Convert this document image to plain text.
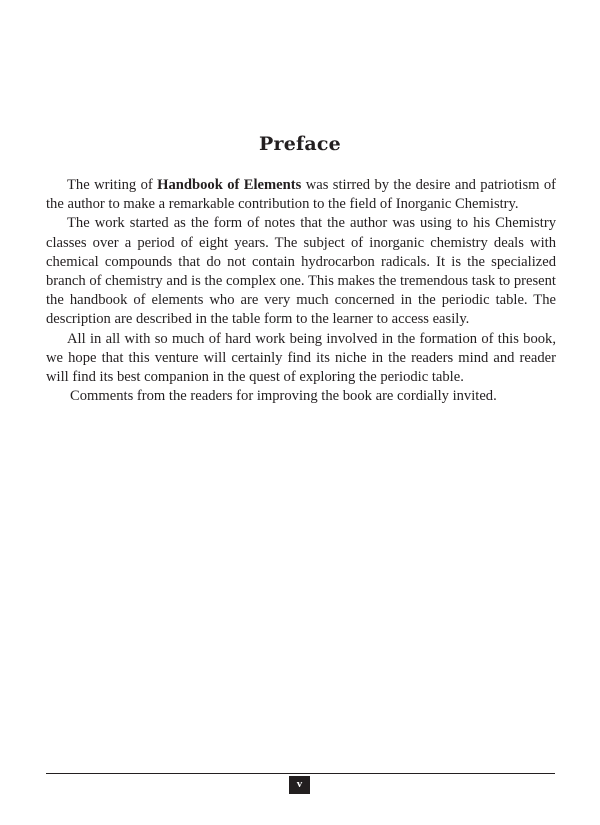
Preface

The writing of Handbook of Elements was stirred by the desire and patriotism of the author to make a remarkable contribution to the field of Inorganic Chemistry.

The work started as the form of notes that the author was using to his Chemistry classes over a period of eight years. The subject of inorganic chemistry deals with chemical compounds that do not contain hydrocarbon radicals. It is the specialized branch of chemistry and is the complex one. This makes the tremendous task to present the handbook of elements who are very much concerned in the periodic table. The description are described in the table form to the learner to access easily.

All in all with so much of hard work being involved in the formation of this book, we hope that this venture will certainly find its niche in the readers mind and reader will find its best companion in the quest of exploring the periodic table.

Comments from the readers for improving the book are cordially invited.

v
